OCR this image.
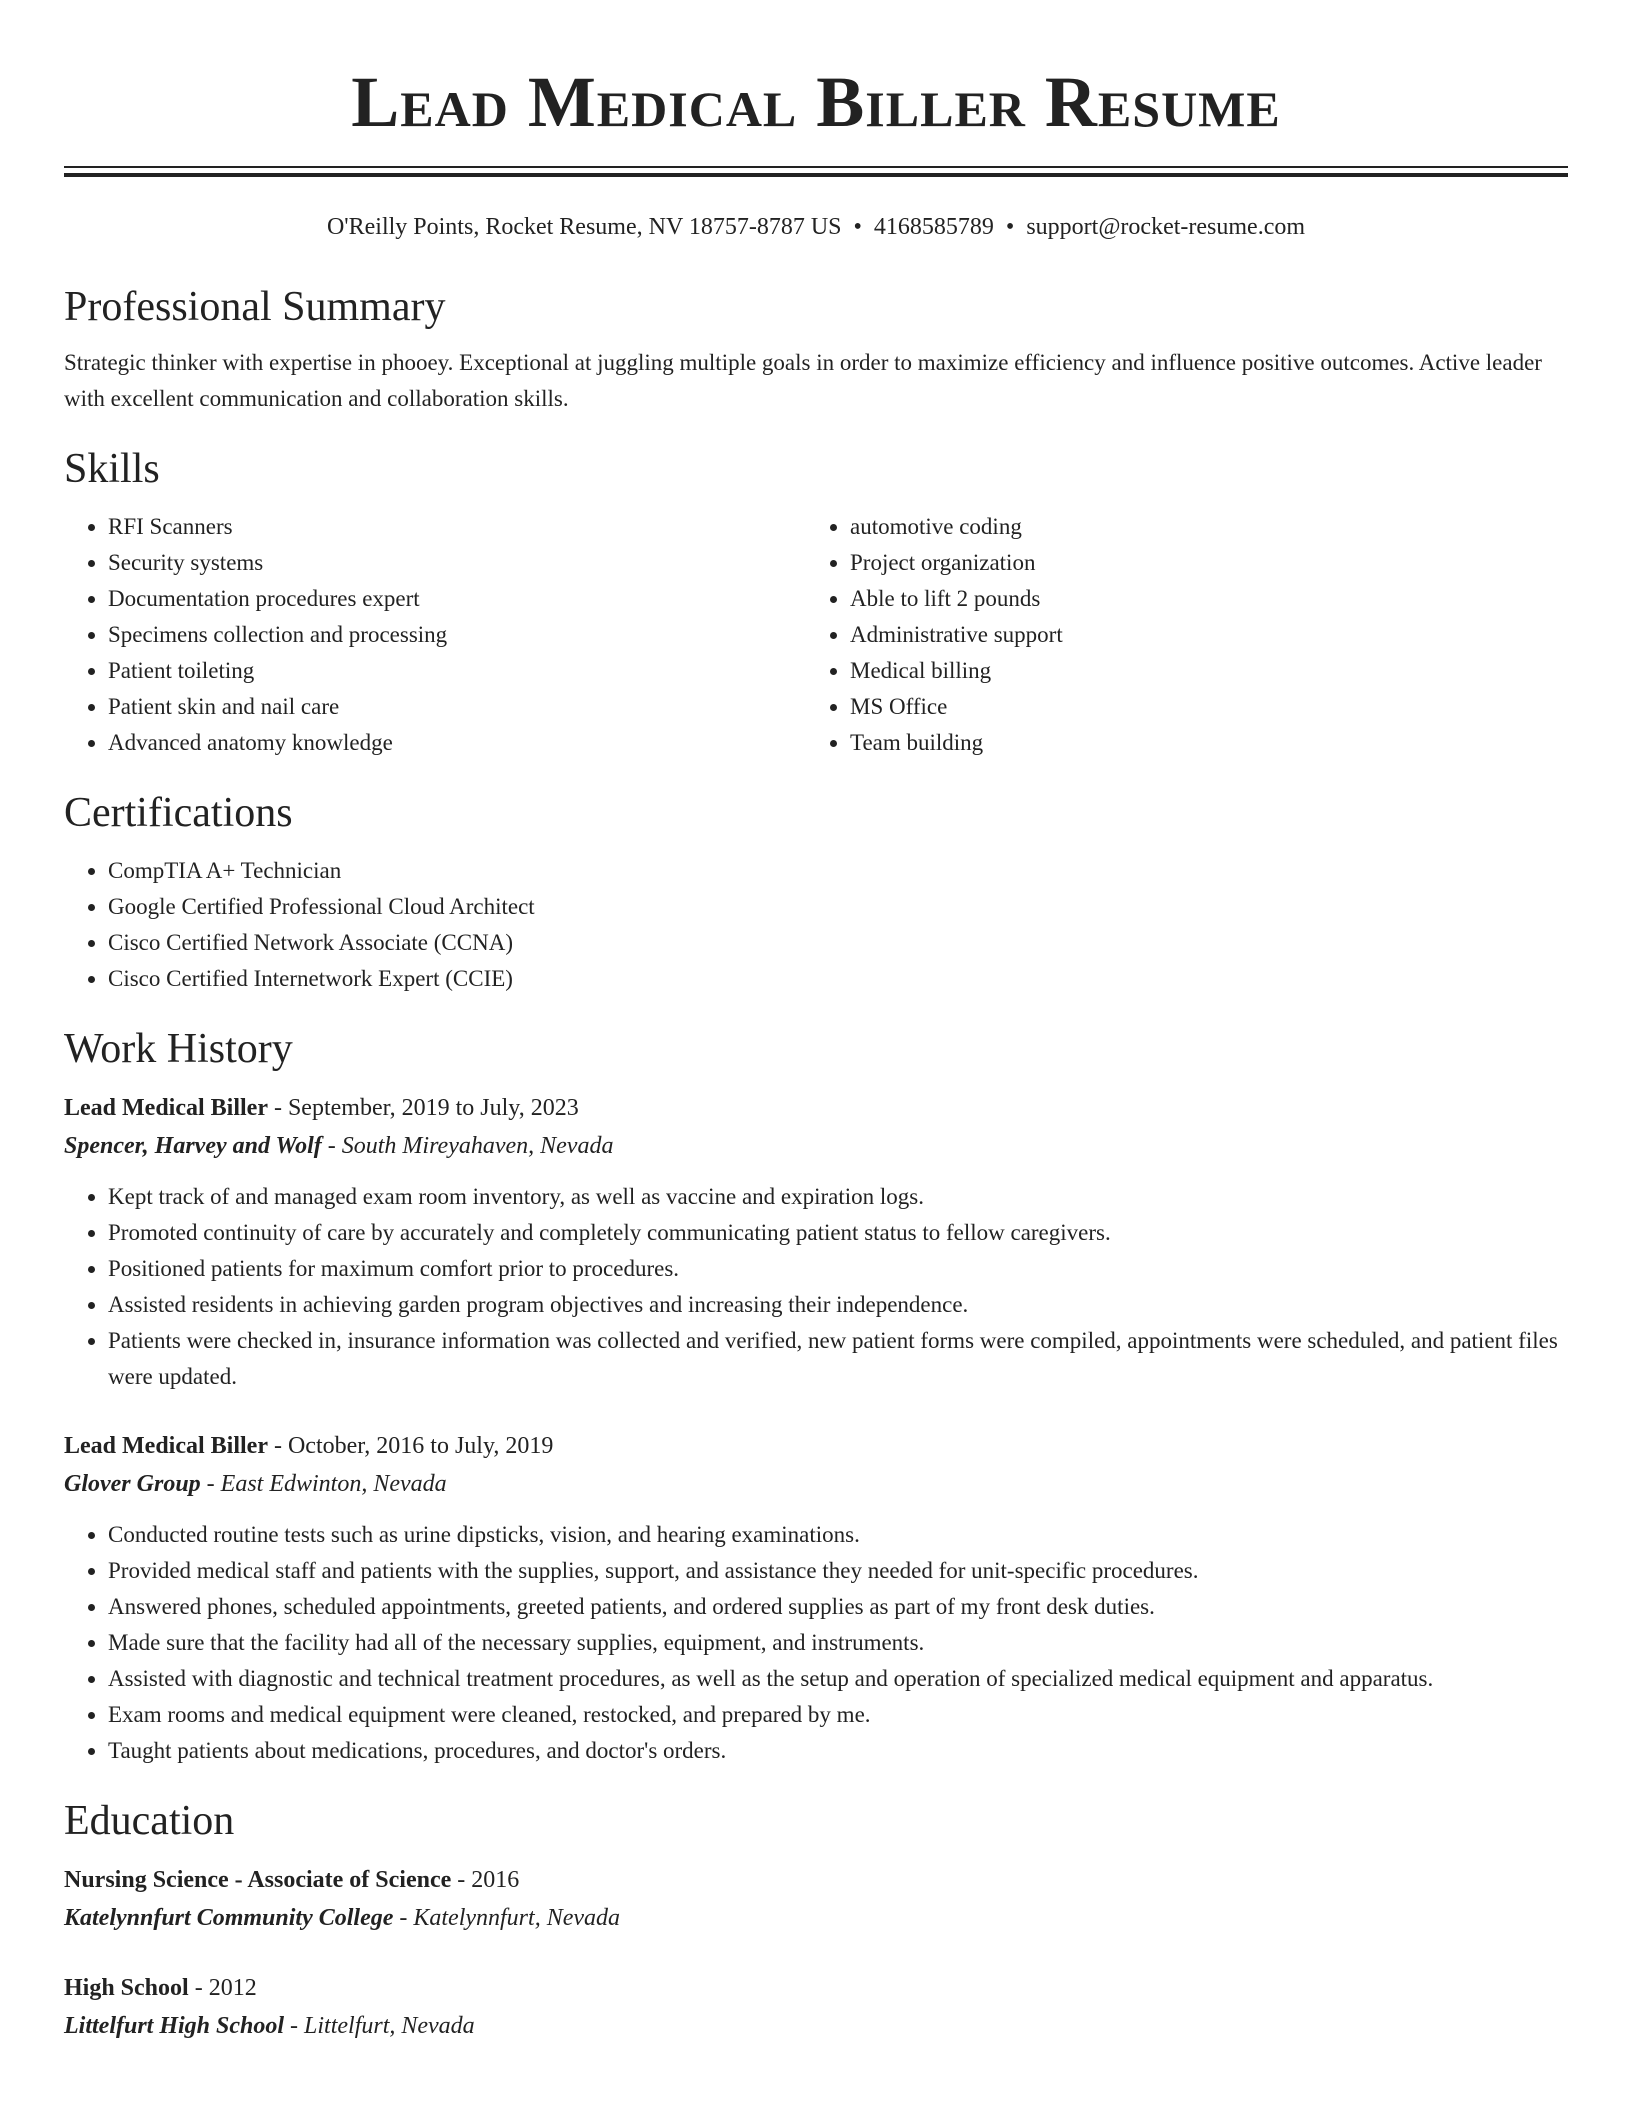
Lead Medical Biller Resume
O'Reilly Points, Rocket Resume, NV 18757-8787 US • 4168585789 • support@rocket-resume.com
Professional Summary
Strategic thinker with expertise in phooey. Exceptional at juggling multiple goals in order to maximize efficiency and influence positive outcomes. Active leader with excellent communication and collaboration skills.
Skills
• RFI Scanners
• Security systems
• Documentation procedures expert
• Specimens collection and processing
• Patient toileting
• Patient skin and nail care
• Advanced anatomy knowledge
• automotive coding
• Project organization
• Able to lift 2 pounds
• Administrative support
• Medical billing
• MS Office
• Team building
Certifications
• CompTIA A+ Technician
• Google Certified Professional Cloud Architect
• Cisco Certified Network Associate (CCNA)
• Cisco Certified Internetwork Expert (CCIE)
Work History
Lead Medical Biller - September, 2019 to July, 2023
Spencer, Harvey and Wolf - South Mireyahaven, Nevada
• Kept track of and managed exam room inventory, as well as vaccine and expiration logs.
• Promoted continuity of care by accurately and completely communicating patient status to fellow caregivers.
• Positioned patients for maximum comfort prior to procedures.
• Assisted residents in achieving garden program objectives and increasing their independence.
• Patients were checked in, insurance information was collected and verified, new patient forms were compiled, appointments were scheduled, and patient files were updated.
Lead Medical Biller - October, 2016 to July, 2019
Glover Group - East Edwinton, Nevada
• Conducted routine tests such as urine dipsticks, vision, and hearing examinations.
• Provided medical staff and patients with the supplies, support, and assistance they needed for unit-specific procedures.
• Answered phones, scheduled appointments, greeted patients, and ordered supplies as part of my front desk duties.
• Made sure that the facility had all of the necessary supplies, equipment, and instruments.
• Assisted with diagnostic and technical treatment procedures, as well as the setup and operation of specialized medical equipment and apparatus.
• Exam rooms and medical equipment were cleaned, restocked, and prepared by me.
• Taught patients about medications, procedures, and doctor's orders.
Education
Nursing Science - Associate of Science - 2016
Katelynnfurt Community College - Katelynnfurt, Nevada
High School - 2012
Littelfurt High School - Littelfurt, Nevada
